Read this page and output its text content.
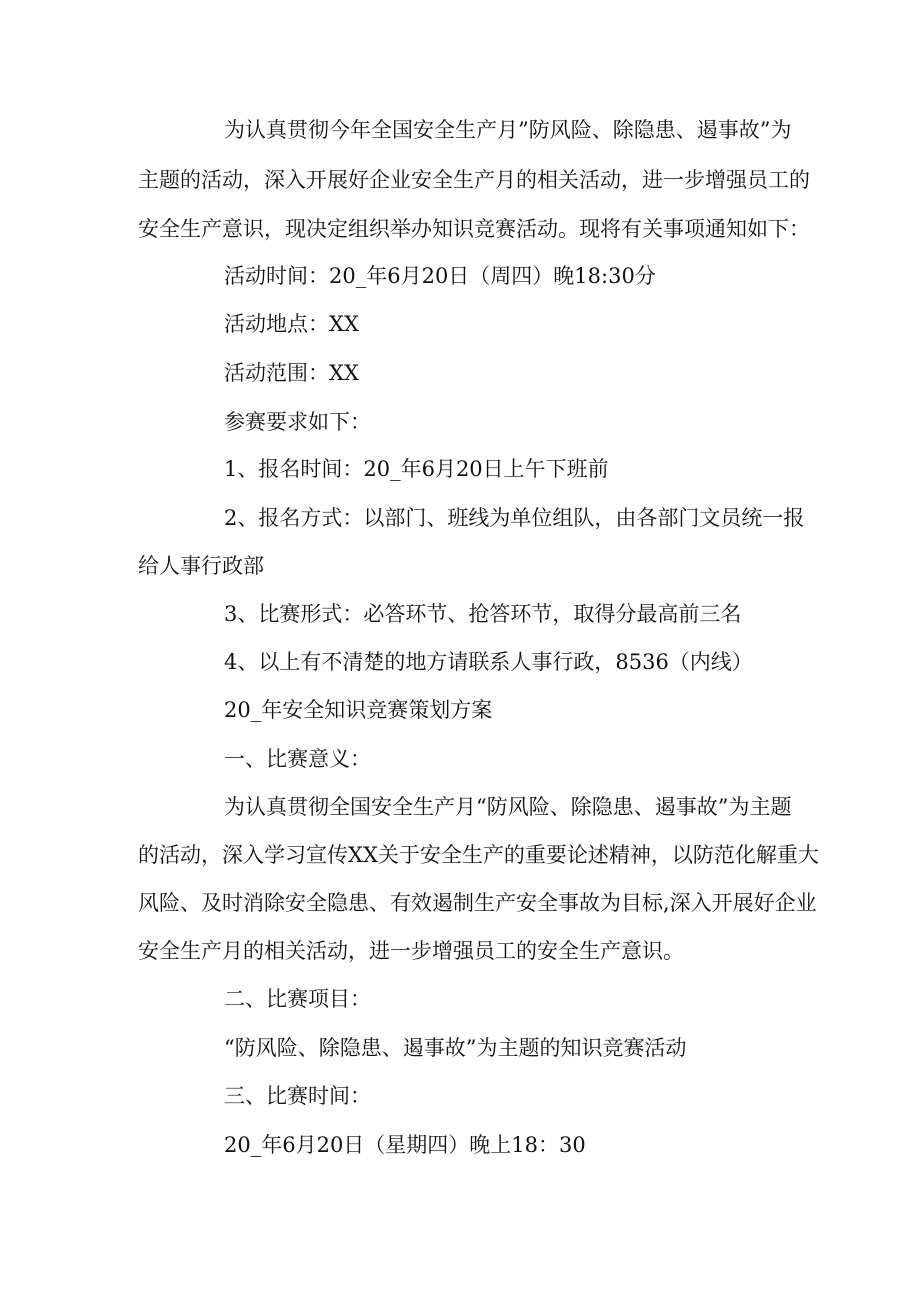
为认真贯彻今年全国安全生产月”防风险、除隐患、遏事故”为

主题的活动，深入开展好企业安全生产月的相关活动，进一步增强员工的

安全生产意识，现决定组织举办知识竞赛活动。现将有关事项通知如下：

活动时间：20_年6月20日（周四）晚18:30分

活动地点：XX

活动范围：XX

参赛要求如下：

1、报名时间：20_年6月20日上午下班前

2、报名方式：以部门、班线为单位组队，由各部门文员统一报

给人事行政部

3、比赛形式：必答环节、抢答环节，取得分最高前三名

4、以上有不清楚的地方请联系人事行政，8536（内线）

20_年安全知识竞赛策划方案

一、比赛意义：

为认真贯彻全国安全生产月“防风险、除隐患、遏事故”为主题

的活动，深入学习宣传XX关于安全生产的重要论述精神，以防范化解重大

风险、及时消除安全隐患、有效遏制生产安全事故为目标,深入开展好企业

安全生产月的相关活动，进一步增强员工的安全生产意识。

二、比赛项目：

“防风险、除隐患、遏事故”为主题的知识竞赛活动

三、比赛时间：

20_年6月20日（星期四）晚上18：30
